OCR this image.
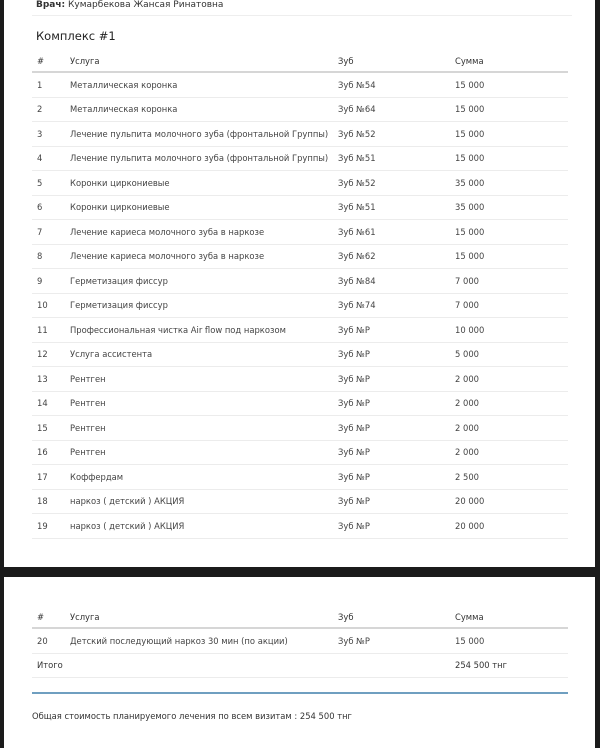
Врач: Кумарбекова Жансая Ринатовна
Комплекс #1
#	Услуга	Зуб	Сумма
1	Металлическая коронка	Зуб №54	15 000
2	Металлическая коронка	Зуб №64	15 000
3	Лечение пульпита молочного зуба (фронтальной Группы)	Зуб №52	15 000
4	Лечение пульпита молочного зуба (фронтальной Группы)	Зуб №51	15 000
5	Коронки циркониевые	Зуб №52	35 000
6	Коронки циркониевые	Зуб №51	35 000
7	Лечение кариеса молочного зуба в наркозе	Зуб №61	15 000
8	Лечение кариеса молочного зуба в наркозе	Зуб №62	15 000
9	Герметизация фиссур	Зуб №84	7 000
10	Герметизация фиссур	Зуб №74	7 000
11	Профессиональная чистка Air flow под наркозом	Зуб №Р	10 000
12	Услуга ассистента	Зуб №Р	5 000
13	Рентген	Зуб №Р	2 000
14	Рентген	Зуб №Р	2 000
15	Рентген	Зуб №Р	2 000
16	Рентген	Зуб №Р	2 000
17	Коффердам	Зуб №Р	2 500
18	наркоз ( детский ) АКЦИЯ	Зуб №Р	20 000
19	наркоз ( детский ) АКЦИЯ	Зуб №Р	20 000
#	Услуга	Зуб	Сумма
20	Детский последующий наркоз 30 мин (по акции)	Зуб №Р	15 000
Итого			254 500 тнг
Общая стоимость планируемого лечения по всем визитам : 254 500 тнг
